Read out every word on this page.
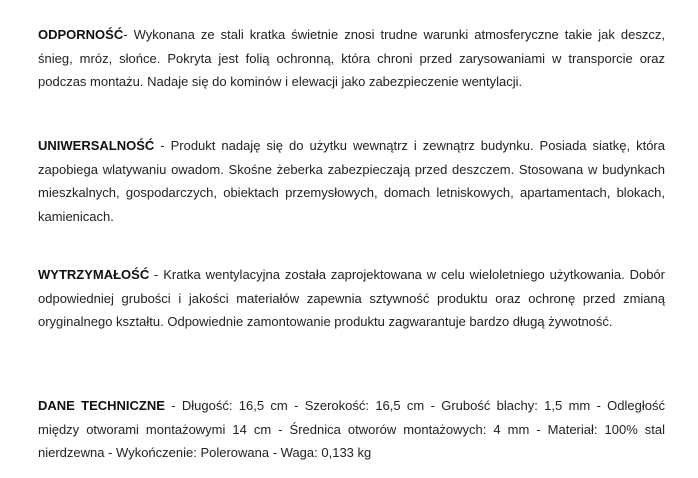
ODPORNOŚĆ- Wykonana ze stali kratka świetnie znosi trudne warunki atmosferyczne takie jak deszcz, śnieg, mróz, słońce. Pokryta jest folią ochronną, która chroni przed zarysowaniami w transporcie oraz podczas montażu. Nadaje się do kominów i elewacji jako zabezpieczenie wentylacji.

UNIWERSALNOŚĆ - Produkt nadaję się do użytku wewnątrz i zewnątrz budynku. Posiada siatkę, która zapobiega wlatywaniu owadom. Skośne żeberka zabezpieczają przed deszczem. Stosowana w budynkach mieszkalnych, gospodarczych, obiektach przemysłowych, domach letniskowych, apartamentach, blokach, kamienicach.

WYTRZYMAŁOŚĆ - Kratka wentylacyjna została zaprojektowana w celu wieloletniego użytkowania. Dobór odpowiedniej grubości i jakości materiałów zapewnia sztywność produktu oraz ochronę przed zmianą oryginalnego kształtu. Odpowiednie zamontowanie produktu zagwarantuje bardzo długą żywotność.

DANE TECHNICZNE - Długość: 16,5 cm - Szerokość: 16,5 cm - Grubość blachy: 1,5 mm - Odległość między otworami montażowymi 14 cm - Średnica otworów montażowych: 4 mm - Materiał: 100% stal nierdzewna - Wykończenie: Polerowana - Waga: 0,133 kg
